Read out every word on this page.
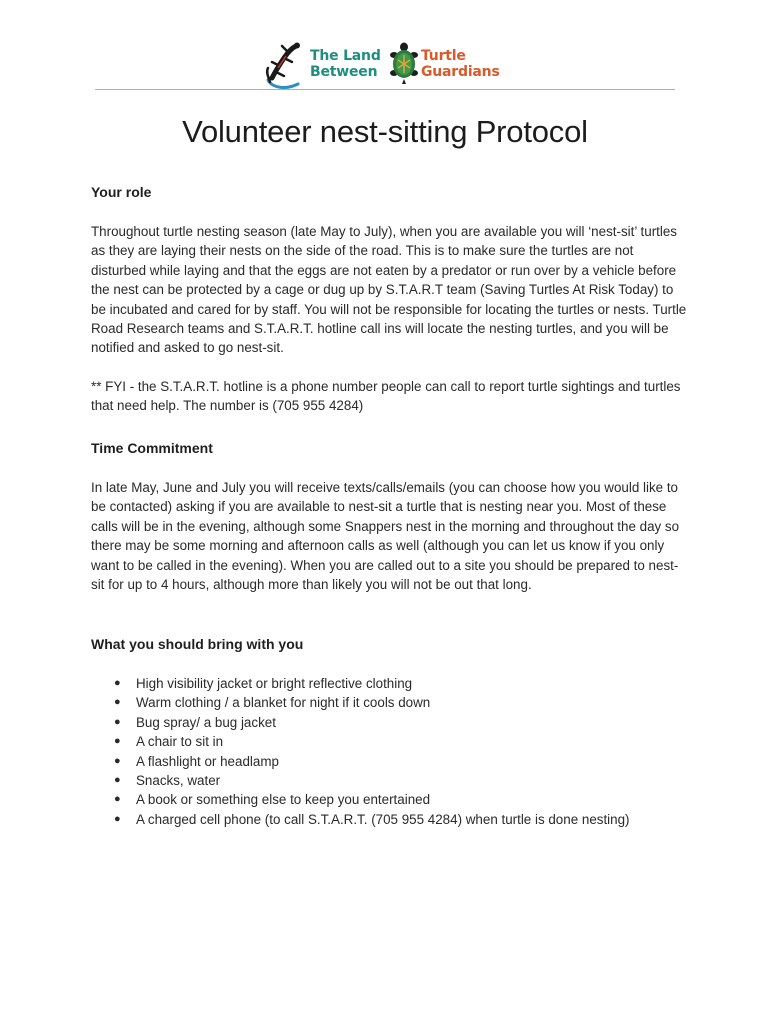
The Land
Between
Turtle
Guardians
Volunteer nest-sitting Protocol
Your role

Throughout turtle nesting season (late May to July), when you are available you will ‘nest-sit’ turtles as they are laying their nests on the side of the road. This is to make sure the turtles are not disturbed while laying and that the eggs are not eaten by a predator or run over by a vehicle before the nest can be protected by a cage or dug up by S.T.A.R.T team (Saving Turtles At Risk Today) to be incubated and cared for by staff. You will not be responsible for locating the turtles or nests. Turtle Road Research teams and S.T.A.R.T. hotline call ins will locate the nesting turtles, and you will be notified and asked to go nest-sit.

** FYI - the S.T.A.R.T. hotline is a phone number people can call to report turtle sightings and turtles that need help. The number is (705 955 4284)

Time Commitment

In late May, June and July you will receive texts/calls/emails (you can choose how you would like to be contacted) asking if you are available to nest-sit a turtle that is nesting near you. Most of these calls will be in the evening, although some Snappers nest in the morning and throughout the day so there may be some morning and afternoon calls as well (although you can let us know if you only want to be called in the evening). When you are called out to a site you should be prepared to nest-sit for up to 4 hours, although more than likely you will not be out that long.

What you should bring with you
● High visibility jacket or bright reflective clothing
● Warm clothing / a blanket for night if it cools down
● Bug spray/ a bug jacket
● A chair to sit in
● A flashlight or headlamp
● Snacks, water
● A book or something else to keep you entertained
● A charged cell phone (to call S.T.A.R.T. (705 955 4284) when turtle is done nesting)
